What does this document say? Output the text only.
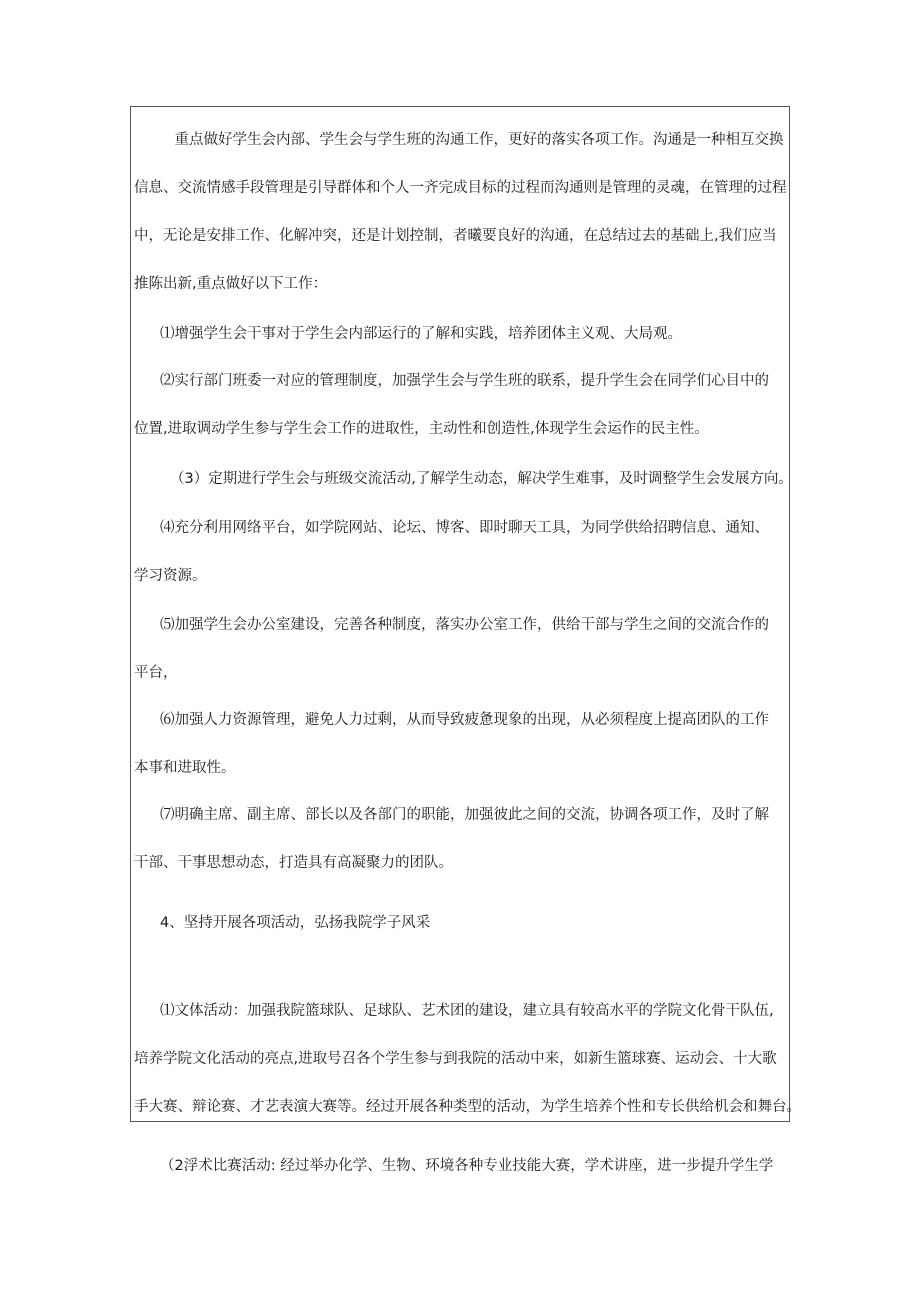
　重点做好学生会内部、学生会与学生班的沟通工作，更好的落实各项工作。沟通是一种相互交换
信息、交流情感手段管理是引导群体和个人一齐完成目标的过程而沟通则是管理的灵魂，在管理的过程
中，无论是安排工作、化解冲突，还是计划控制，者曦要良好的沟通，在总结过去的基础上,我们应当
推陈出新,重点做好以下工作：
⑴增强学生会干事对于学生会内部运行的了解和实践，培养团体主义观、大局观。
⑵实行部门班委一对应的管理制度，加强学生会与学生班的联系，提升学生会在同学们心目中的
位置,进取调动学生参与学生会工作的进取性，主动性和创造性,体现学生会运作的民主性。
（3）定期进行学生会与班级交流活动,了解学生动态，解决学生难事，及时调整学生会发展方向。
⑷充分利用网络平台，如学院网站、论坛、博客、即时聊天工具，为同学供给招聘信息、通知、
学习资源。
⑸加强学生会办公室建设，完善各种制度，落实办公室工作，供给干部与学生之间的交流合作的
平台，
⑹加强人力资源管理，避免人力过剩，从而导致疲惫现象的出现，从必须程度上提高团队的工作
本事和进取性。
⑺明确主席、副主席、部长以及各部门的职能，加强彼此之间的交流，协调各项工作，及时了解
干部、干事思想动态，打造具有高凝聚力的团队。
4、坚持开展各项活动，弘扬我院学子风采
⑴文体活动：加强我院篮球队、足球队、艺术团的建设，建立具有较高水平的学院文化骨干队伍,
培养学院文化活动的亮点,进取号召各个学生参与到我院的活动中来，如新生篮球赛、运动会、十大歌
手大赛、辩论赛、才艺表演大赛等。经过开展各种类型的活动，为学生培养个性和专长供给机会和舞台。
（2浮术比赛活动: 经过举办化学、生物、环境各种专业技能大赛，学术讲座，进一步提升学生学
